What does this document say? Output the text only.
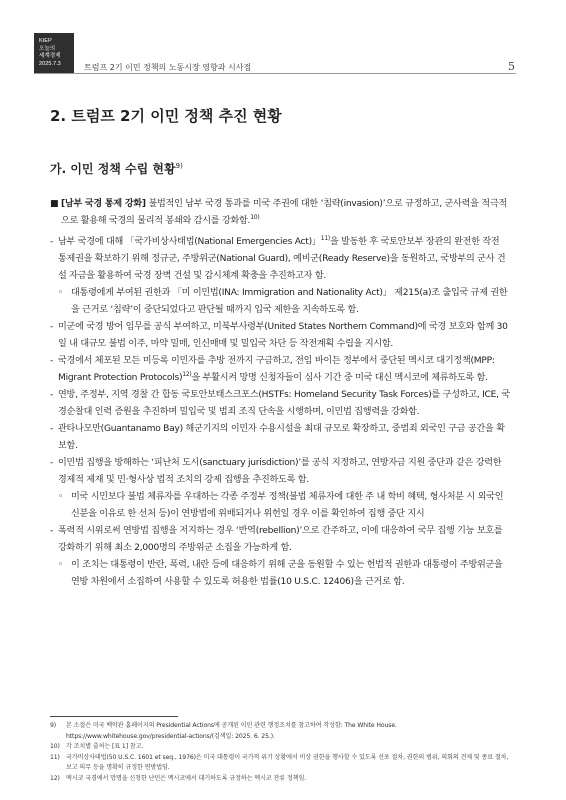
KIEP
오늘의
세계경제
2025.7.3	트럼프 2기 이민 정책의 노동시장 영향과 시사점	5
2. 트럼프 2기 이민 정책 추진 현황
가. 이민 정책 수립 현황$^{9)}$

■ [남부 국경 통제 강화] 불법적인 남부 국경 통과를 미국 주권에 대한 ‘침략(invasion)’으로 규정하고, 군사력을 적극적으로 활용해 국경의 물리적 봉쇄와 감시를 강화함.$^{10)}$

- 남부 국경에 대해 「국가비상사태법(National Emergencies Act)」$^{11)}$을 발동한 후 국토안보부 장관의 완전한 작전 통제권을 확보하기 위해 정규군, 주방위군(National Guard), 예비군(Ready Reserve)을 동원하고, 국방부의 군사 건설 자금을 활용하여 국경 장벽 건설 및 감시체계 확충을 추진하고자 함.

◦ 대통령에게 부여된 권한과 「미 이민법(INA: Immigration and Nationality Act)」 제215(a)조 출입국 규제 권한을 근거로 ‘침략’이 중단되었다고 판단될 때까지 입국 제한을 지속하도록 함.

- 미군에 국경 방어 임무를 공식 부여하고, 미북부사령부(United States Northern Command)에 국경 보호와 함께 30일 내 대규모 불법 이주, 마약 밀매, 인신매매 및 밀입국 차단 등 작전계획 수립을 지시함.

- 국경에서 체포된 모든 미등록 이민자를 추방 전까지 구금하고, 전임 바이든 정부에서 중단된 멕시코 대기정책(MPP: Migrant Protection Protocols)$^{12)}$을 부활시켜 망명 신청자들이 심사 기간 중 미국 대신 멕시코에 체류하도록 함.

- 연방, 주정부, 지역 경찰 간 합동 국토안보태스크포스(HSTFs: Homeland Security Task Forces)를 구성하고, ICE, 국경순찰대 인력 증원을 추진하며 밀입국 및 범죄 조직 단속을 시행하며, 이민법 집행력을 강화함.

- 관타나모만(Guantanamo Bay) 해군기지의 이민자 수용시설을 최대 규모로 확장하고, 중범죄 외국인 구금 공간을 확보함.

- 이민법 집행을 방해하는 ‘피난처 도시(sanctuary jurisdiction)’를 공식 지정하고, 연방자금 지원 중단과 같은 강력한 경제적 제재 및 민·형사상 법적 조치의 강제 집행을 추진하도록 함.

◦ 미국 시민보다 불법 체류자를 우대하는 각종 주정부 정책(불법 체류자에 대한 주 내 학비 혜택, 형사처분 시 외국인 신분을 이유로 한 선처 등)이 연방법에 위배되거나 위헌일 경우 이를 확인하여 집행 중단 지시

- 폭력적 시위로써 연방법 집행을 저지하는 경우 ‘반역(rebellion)’으로 간주하고, 이에 대응하여 국무 집행 기능 보호를 강화하기 위해 최소 2,000명의 주방위군 소집을 가능하게 함.

◦ 이 조치는 대통령이 반란, 폭력, 내란 등에 대응하기 위해 군을 동원할 수 있는 헌법적 권한과 대통령이 주방위군을 연방 차원에서 소집하여 사용할 수 있도록 허용한 법률(10 U.S.C. 12406)을 근거로 함.

9)	본 소절은 미국 백악관 홈페이지의 Presidential Actions에 공개된 이민 관련 행정조치를 참고하여 작성함: The White House. https://www.whitehouse.gov/presidential-actions/(검색일: 2025. 6. 25.).
10)	각 조치별 출처는 [표 1] 참고.
11)	국가비상사태법(50 U.S.C. 1601 et seq., 1976)은 미국 대통령이 국가적 위기 상황에서 비상 권한을 행사할 수 있도록 선포 절차, 권한의 범위, 의회의 견제 및 종료 절차, 보고 의무 등을 명확히 규정한 연방법임.
12)	멕시코 국경에서 망명을 신청한 난민은 멕시코에서 대기하도록 규정하는 멕시코 잔류 정책임.
